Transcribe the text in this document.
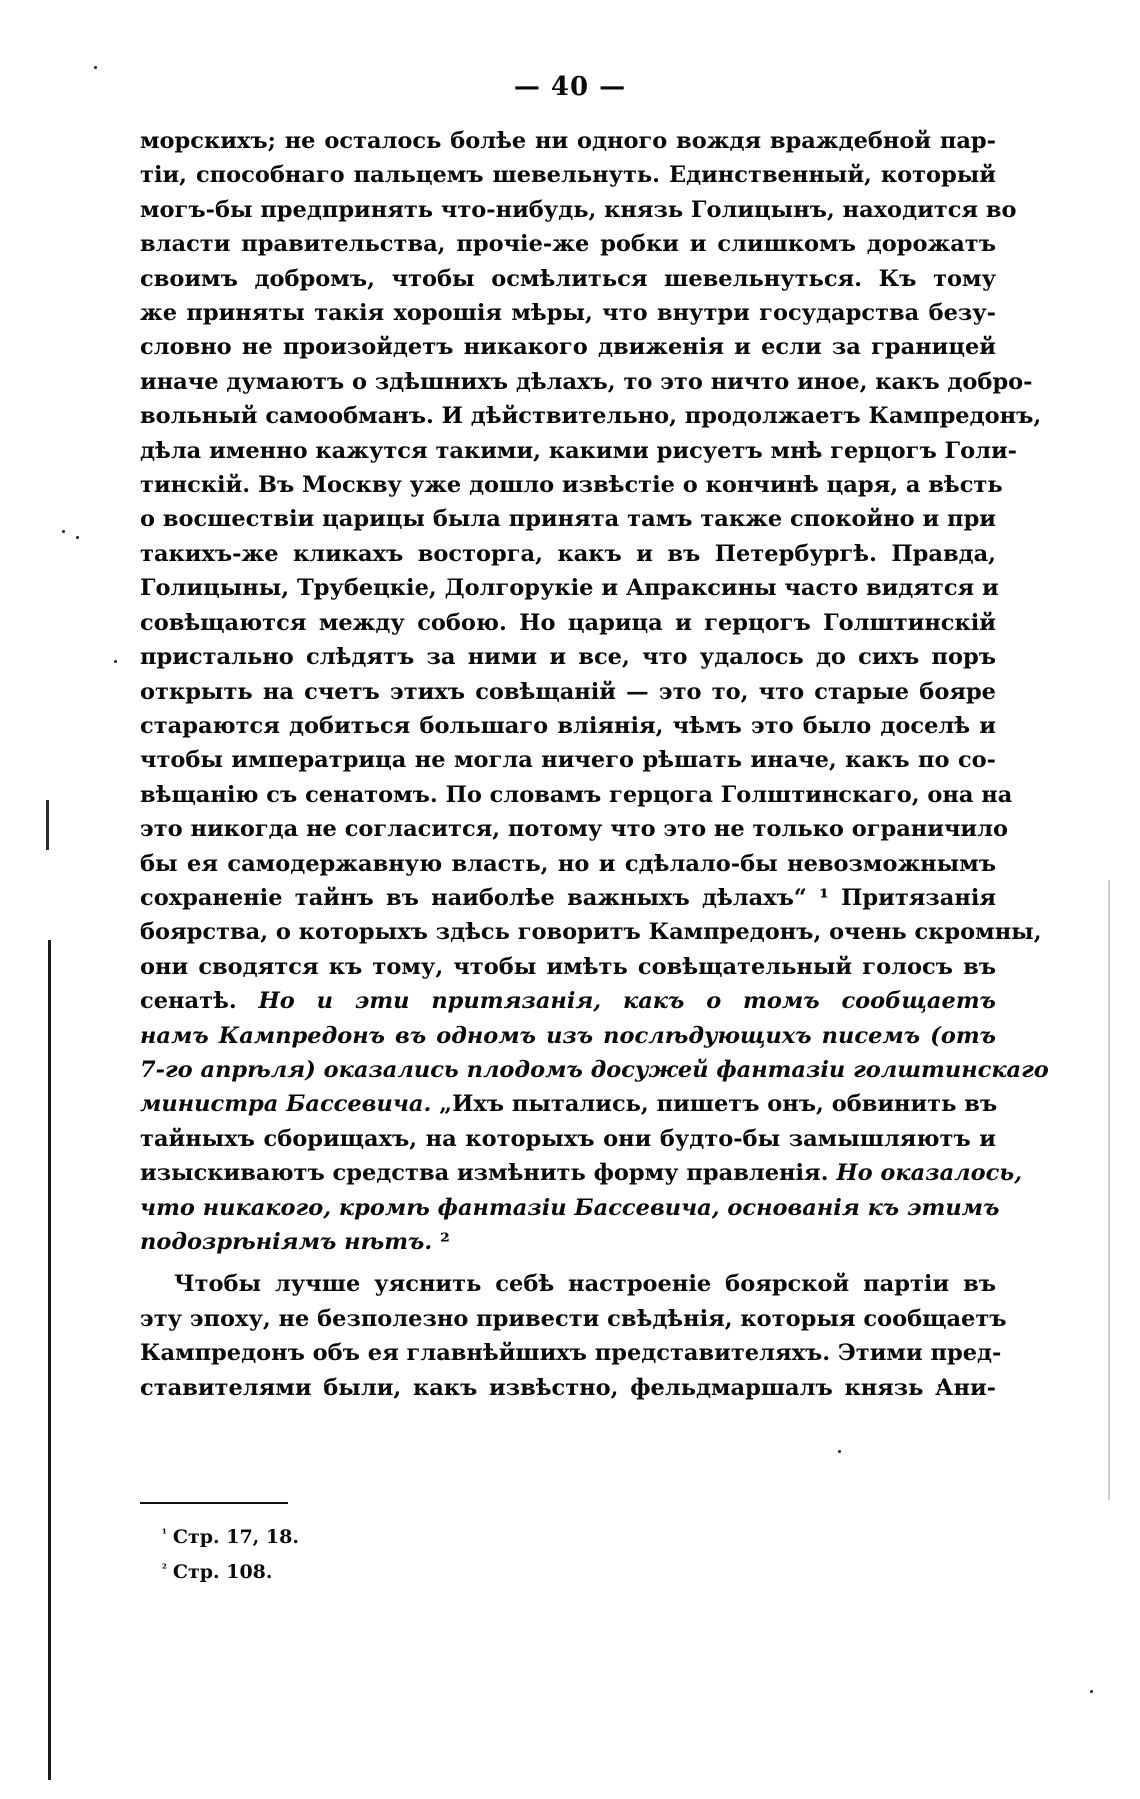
— 40 —
морскихъ; не осталось болѣе ни одного вождя враждебной пар-
тіи, способнаго пальцемъ шевельнуть. Единственный, который
могъ-бы предпринять что-нибудь, князь Голицынъ, находится во
власти правительства, прочіе-же робки и слишкомъ дорожатъ
своимъ добромъ, чтобы осмѣлиться шевельнуться. Къ тому
же приняты такія хорошія мѣры, что внутри государства безу-
словно не произойдетъ никакого движенія и если за границей
иначе думаютъ о здѣшнихъ дѣлахъ, то это ничто иное, какъ добро-
вольный самообманъ. И дѣйствительно, продолжаетъ Кампредонъ,
дѣла именно кажутся такими, какими рисуетъ мнѣ герцогъ Голи-
тинскій. Въ Москву уже дошло извѣстіе о кончинѣ царя, а вѣсть
о восшествіи царицы была принята тамъ также спокойно и при
такихъ-же кликахъ восторга, какъ и въ Петербургѣ. Правда,
Голицыны, Трубецкіе, Долгорукіе и Апраксины часто видятся и
совѣщаются между собою. Но царица и герцогъ Голштинскій
пристально слѣдятъ за ними и все, что удалось до сихъ поръ
открыть на счетъ этихъ совѣщаній — это то, что старые бояре
стараются добиться большаго вліянія, чѣмъ это было доселѣ и
чтобы императрица не могла ничего рѣшать иначе, какъ по со-
вѣщанію съ сенатомъ. По словамъ герцога Голштинскаго, она на
это никогда не согласится, потому что это не только ограничило
бы ея самодержавную власть, но и сдѣлало-бы невозможнымъ
сохраненіе тайнъ въ наиболѣе важныхъ дѣлахъ“ ¹ Притязанія
боярства, о которыхъ здѣсь говоритъ Кампредонъ, очень скромны,
они сводятся къ тому, чтобы имѣть совѣщательный голосъ въ
сенатѣ. Но и эти притязанія, какъ о томъ сообщаетъ
намъ Кампредонъ въ одномъ изъ послѣдующихъ писемъ (отъ
7-го апрѣля) оказались плодомъ досужей фантазіи голштинскаго
министра Бассевича. „Ихъ пытались, пишетъ онъ, обвинить въ
тайныхъ сборищахъ, на которыхъ они будто-бы замышляютъ и
изыскиваютъ средства измѣнить форму правленія. Но оказалось,
что никакого, кромѣ фантазіи Бассевича, основанія къ этимъ
подозрѣніямъ нѣтъ. ²
Чтобы лучше уяснить себѣ настроеніе боярской партіи въ
эту эпоху, не безполезно привести свѣдѣнія, которыя сообщаетъ
Кампредонъ объ ея главнѣйшихъ представителяхъ. Этими пред-
ставителями были, какъ извѣстно, фельдмаршалъ князь Ани-
$^{^1}$ Стр. 17, 18.
$^{^2}$ Стр. 108.
